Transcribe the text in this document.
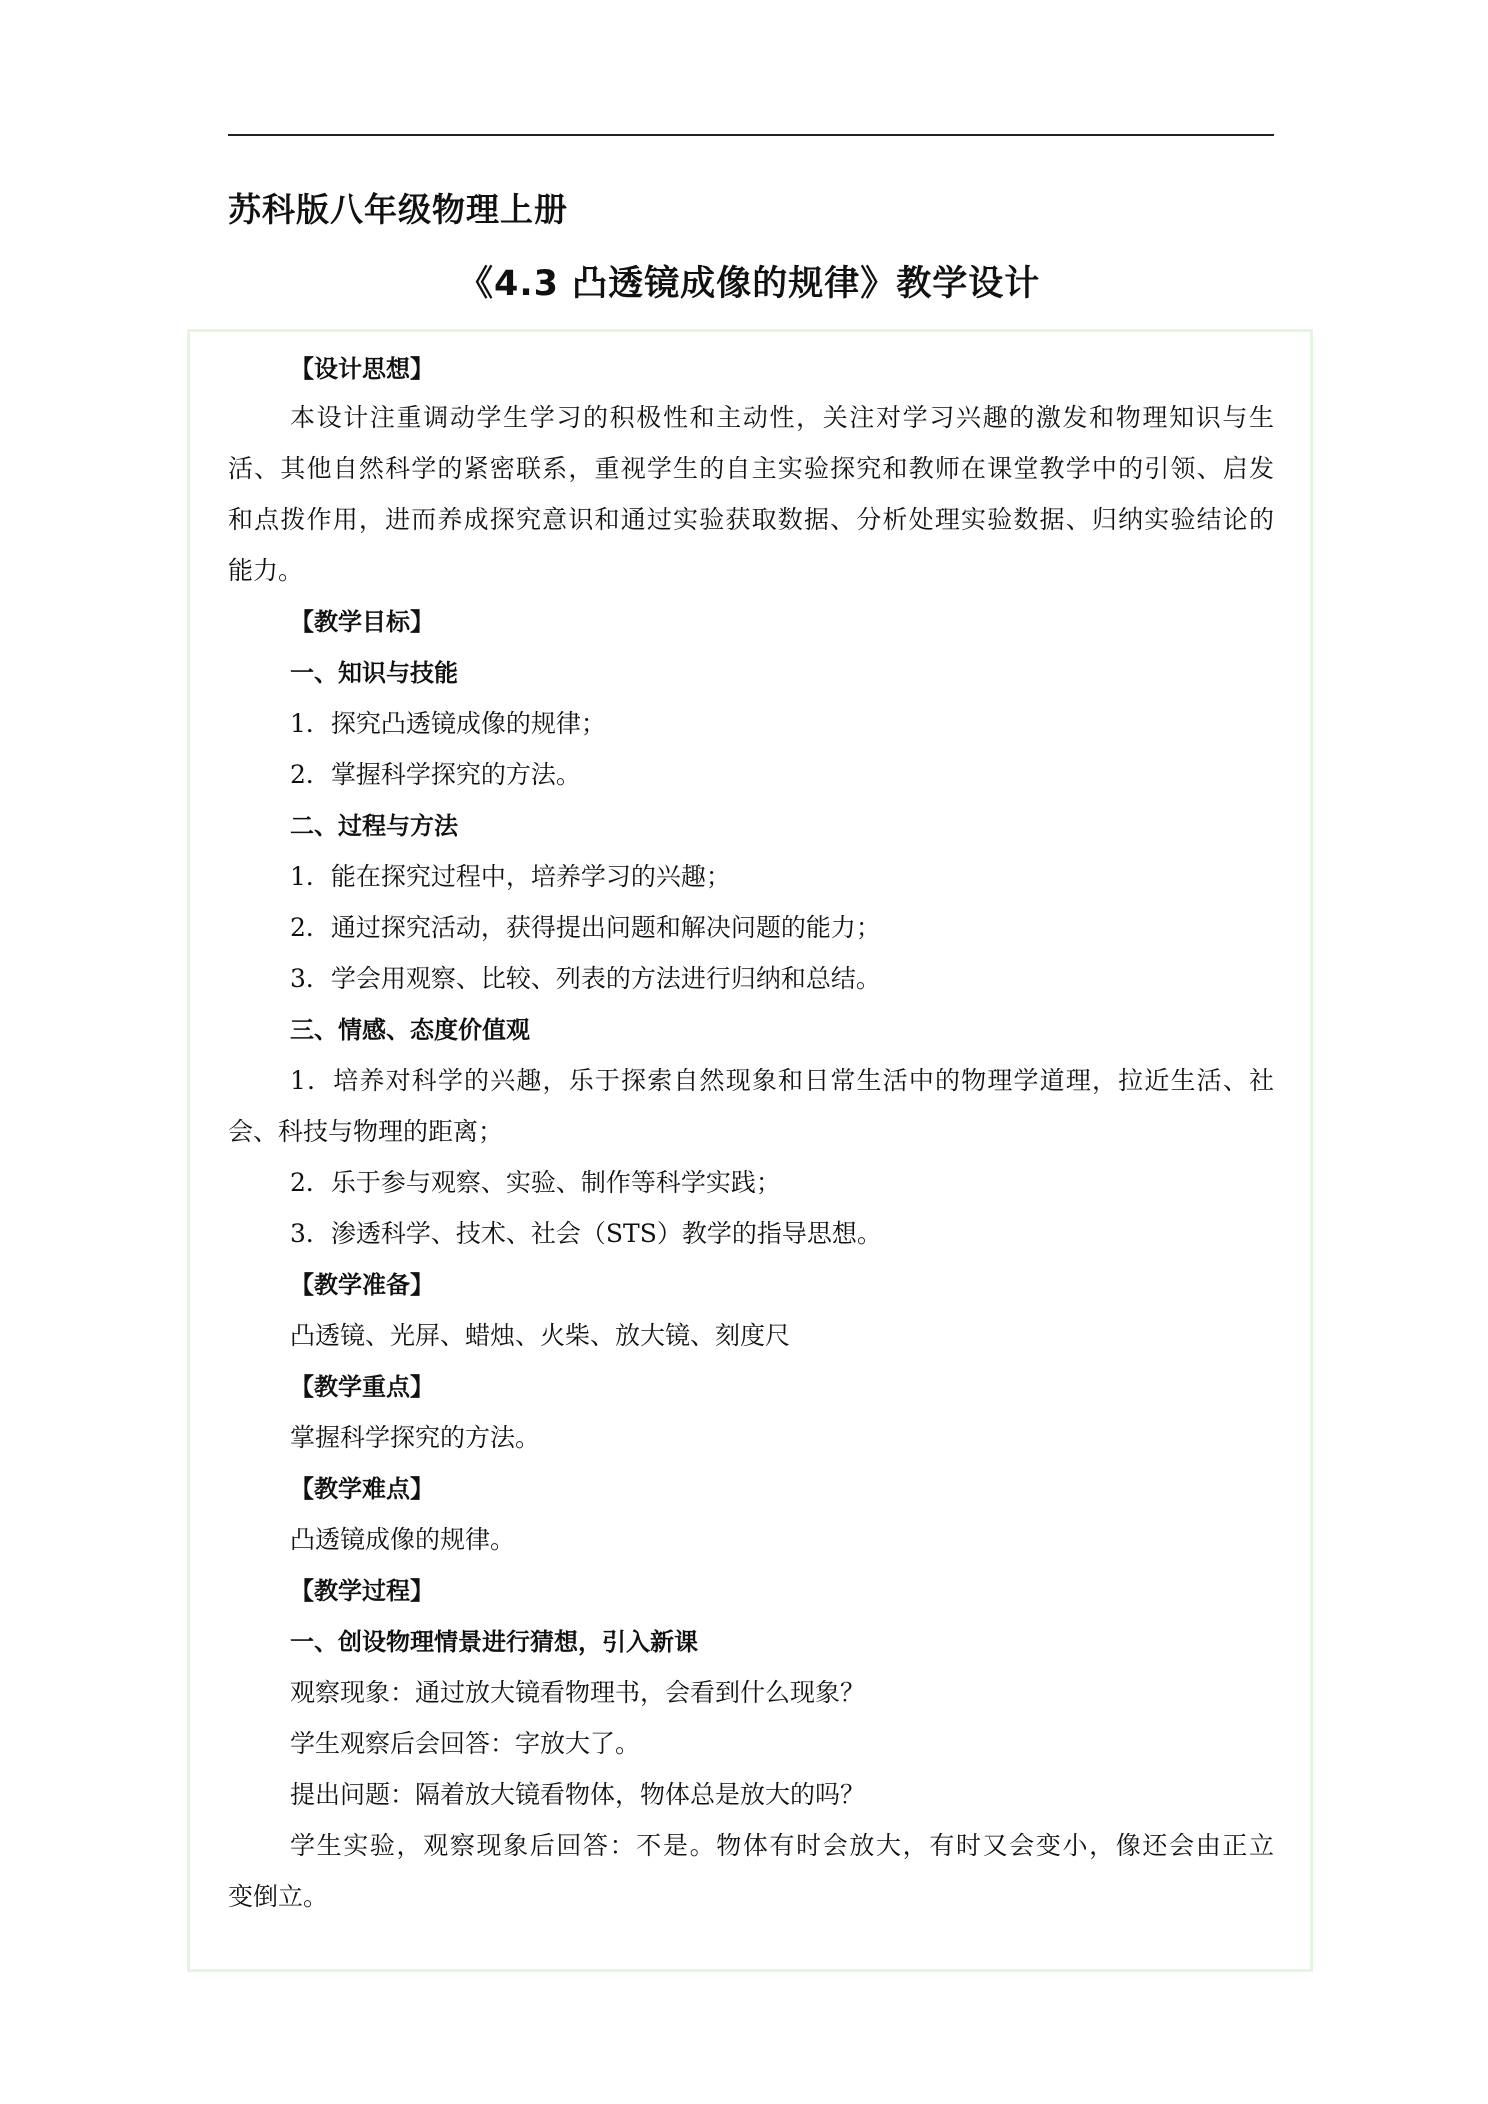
苏科版八年级物理上册
《4.3 凸透镜成像的规律》教学设计
【设计思想】
本设计注重调动学生学习的积极性和主动性，关注对学习兴趣的激发和物理知识与生
活、其他自然科学的紧密联系，重视学生的自主实验探究和教师在课堂教学中的引领、启发
和点拨作用，进而养成探究意识和通过实验获取数据、分析处理实验数据、归纳实验结论的
能力。
【教学目标】
一、知识与技能
1．探究凸透镜成像的规律；
2．掌握科学探究的方法。
二、过程与方法
1．能在探究过程中，培养学习的兴趣；
2．通过探究活动，获得提出问题和解决问题的能力；
3．学会用观察、比较、列表的方法进行归纳和总结。
三、情感、态度价值观
1．培养对科学的兴趣，乐于探索自然现象和日常生活中的物理学道理，拉近生活、社
会、科技与物理的距离；
2．乐于参与观察、实验、制作等科学实践；
3．渗透科学、技术、社会（STS）教学的指导思想。
【教学准备】
凸透镜、光屏、蜡烛、火柴、放大镜、刻度尺
【教学重点】
掌握科学探究的方法。
【教学难点】
凸透镜成像的规律。
【教学过程】
一、创设物理情景进行猜想，引入新课
观察现象：通过放大镜看物理书，会看到什么现象？
学生观察后会回答：字放大了。
提出问题：隔着放大镜看物体，物体总是放大的吗？
学生实验，观察现象后回答：不是。物体有时会放大，有时又会变小，像还会由正立
变倒立。
